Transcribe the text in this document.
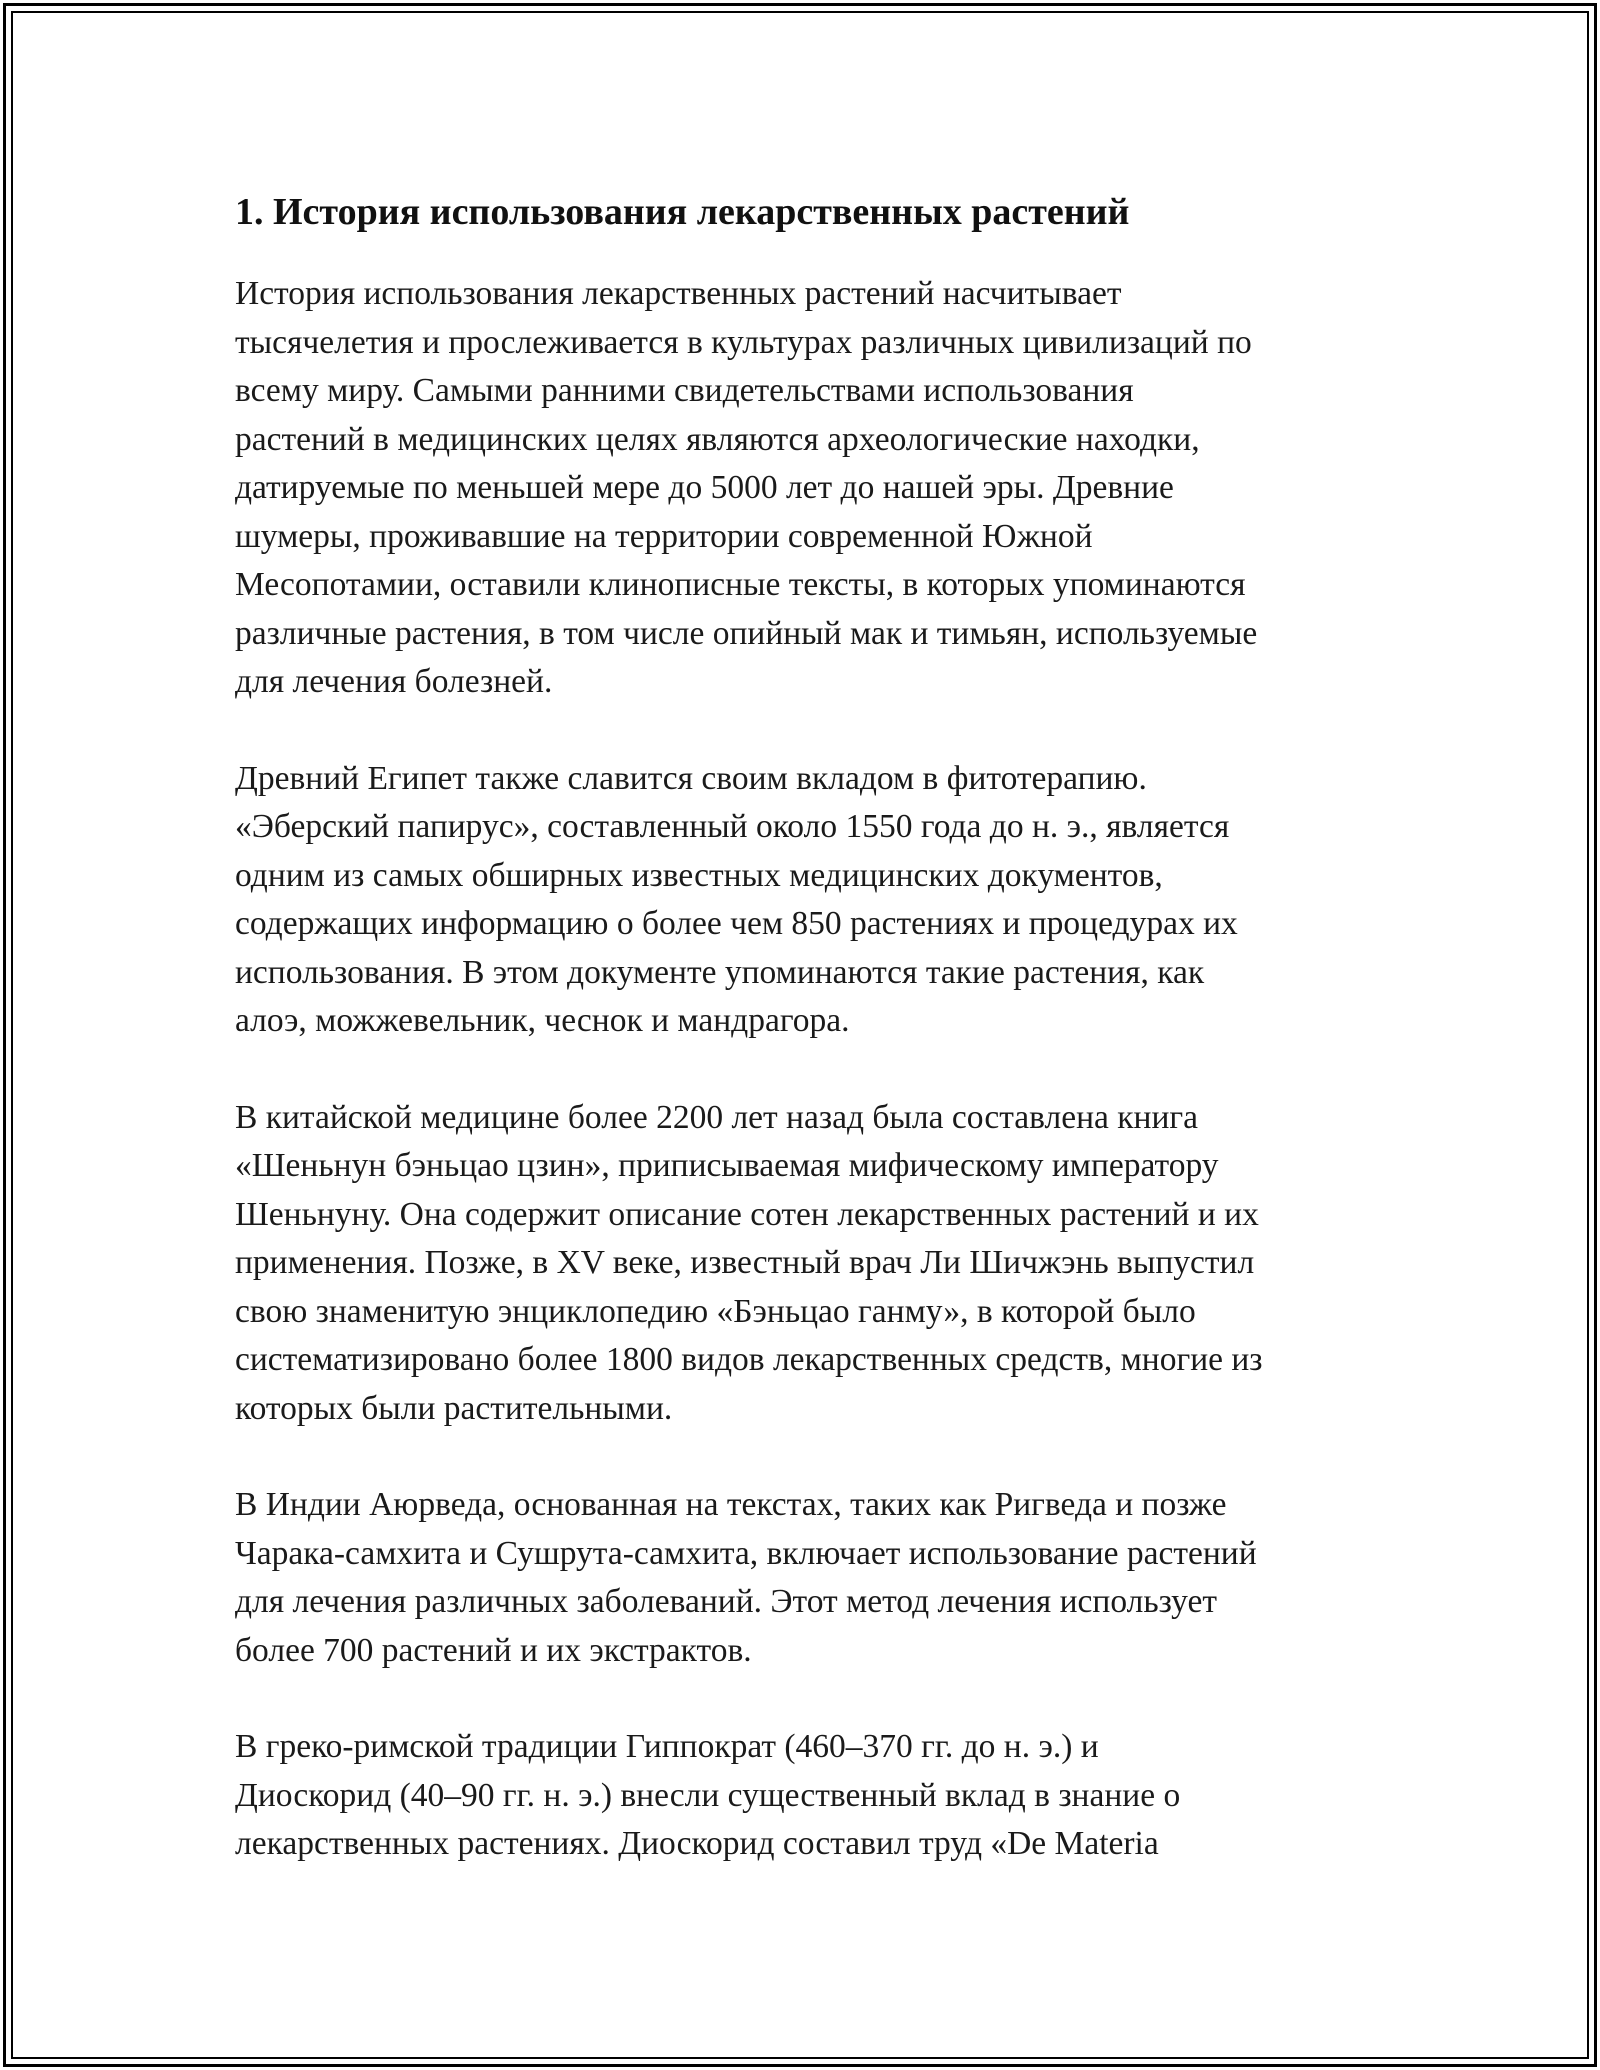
1. История использования лекарственных растений

История использования лекарственных растений насчитывает
тысячелетия и прослеживается в культурах различных цивилизаций по
всему миру. Самыми ранними свидетельствами использования
растений в медицинских целях являются археологические находки,
датируемые по меньшей мере до 5000 лет до нашей эры. Древние
шумеры, проживавшие на территории современной Южной
Месопотамии, оставили клинописные тексты, в которых упоминаются
различные растения, в том числе опийный мак и тимьян, используемые
для лечения болезней.

Древний Египет также славится своим вкладом в фитотерапию.
«Эберский папирус», составленный около 1550 года до н. э., является
одним из самых обширных известных медицинских документов,
содержащих информацию о более чем 850 растениях и процедурах их
использования. В этом документе упоминаются такие растения, как
алоэ, можжевельник, чеснок и мандрагора.

В китайской медицине более 2200 лет назад была составлена книга
«Шеньнун бэньцао цзин», приписываемая мифическому императору
Шеньнуну. Она содержит описание сотен лекарственных растений и их
применения. Позже, в XV веке, известный врач Ли Шичжэнь выпустил
свою знаменитую энциклопедию «Бэньцао ганму», в которой было
систематизировано более 1800 видов лекарственных средств, многие из
которых были растительными.

В Индии Аюрведа, основанная на текстах, таких как Ригведа и позже
Чарака-самхита и Сушрута-самхита, включает использование растений
для лечения различных заболеваний. Этот метод лечения использует
более 700 растений и их экстрактов.

В греко-римской традиции Гиппократ (460–370 гг. до н. э.) и
Диоскорид (40–90 гг. н. э.) внесли существенный вклад в знание о
лекарственных растениях. Диоскорид составил труд «De Materia
